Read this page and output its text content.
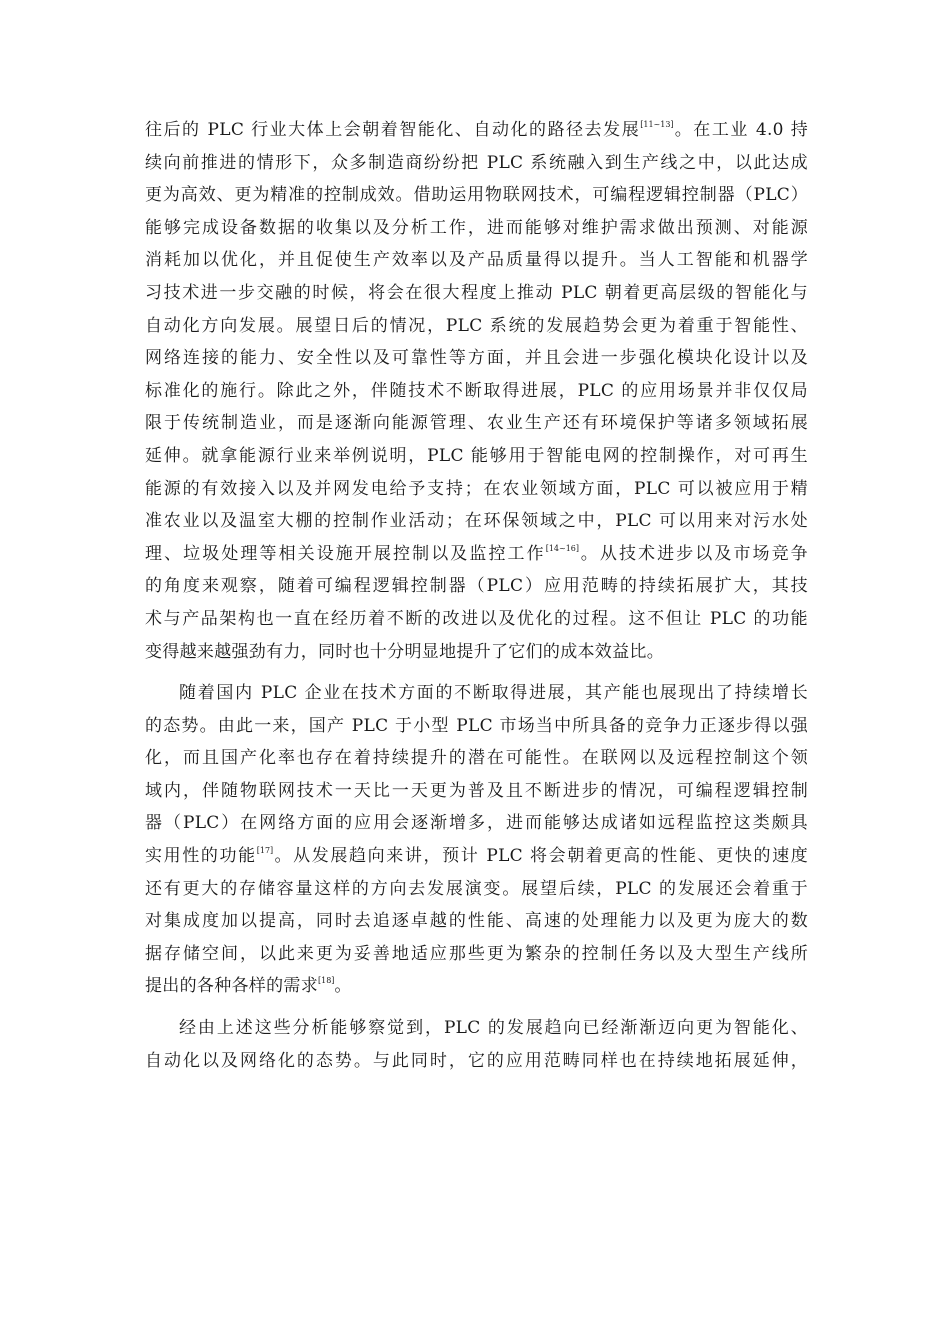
往后的 PLC 行业大体上会朝着智能化、自动化的路径去发展[11~13]。在工业 4.0 持
续向前推进的情形下，众多制造商纷纷把 PLC 系统融入到生产线之中，以此达成
更为高效、更为精准的控制成效。借助运用物联网技术，可编程逻辑控制器（PLC）
能够完成设备数据的收集以及分析工作，进而能够对维护需求做出预测、对能源
消耗加以优化，并且促使生产效率以及产品质量得以提升。当人工智能和机器学
习技术进一步交融的时候，将会在很大程度上推动 PLC 朝着更高层级的智能化与
自动化方向发展。展望日后的情况，PLC 系统的发展趋势会更为着重于智能性、
网络连接的能力、安全性以及可靠性等方面，并且会进一步强化模块化设计以及
标准化的施行。除此之外，伴随技术不断取得进展，PLC 的应用场景并非仅仅局
限于传统制造业，而是逐渐向能源管理、农业生产还有环境保护等诸多领域拓展
延伸。就拿能源行业来举例说明，PLC 能够用于智能电网的控制操作，对可再生
能源的有效接入以及并网发电给予支持；在农业领域方面，PLC 可以被应用于精
准农业以及温室大棚的控制作业活动；在环保领域之中，PLC 可以用来对污水处
理、垃圾处理等相关设施开展控制以及监控工作[14~16]。从技术进步以及市场竞争
的角度来观察，随着可编程逻辑控制器（PLC）应用范畴的持续拓展扩大，其技
术与产品架构也一直在经历着不断的改进以及优化的过程。这不但让 PLC 的功能
变得越来越强劲有力，同时也十分明显地提升了它们的成本效益比。
随着国内 PLC 企业在技术方面的不断取得进展，其产能也展现出了持续增长
的态势。由此一来，国产 PLC 于小型 PLC 市场当中所具备的竞争力正逐步得以强
化，而且国产化率也存在着持续提升的潜在可能性。在联网以及远程控制这个领
域内，伴随物联网技术一天比一天更为普及且不断进步的情况，可编程逻辑控制
器（PLC）在网络方面的应用会逐渐增多，进而能够达成诸如远程监控这类颇具
实用性的功能[17]。从发展趋向来讲，预计 PLC 将会朝着更高的性能、更快的速度
还有更大的存储容量这样的方向去发展演变。展望后续，PLC 的发展还会着重于
对集成度加以提高，同时去追逐卓越的性能、高速的处理能力以及更为庞大的数
据存储空间，以此来更为妥善地适应那些更为繁杂的控制任务以及大型生产线所
提出的各种各样的需求[18]。
经由上述这些分析能够察觉到，PLC 的发展趋向已经渐渐迈向更为智能化、
自动化以及网络化的态势。与此同时，它的应用范畴同样也在持续地拓展延伸，
